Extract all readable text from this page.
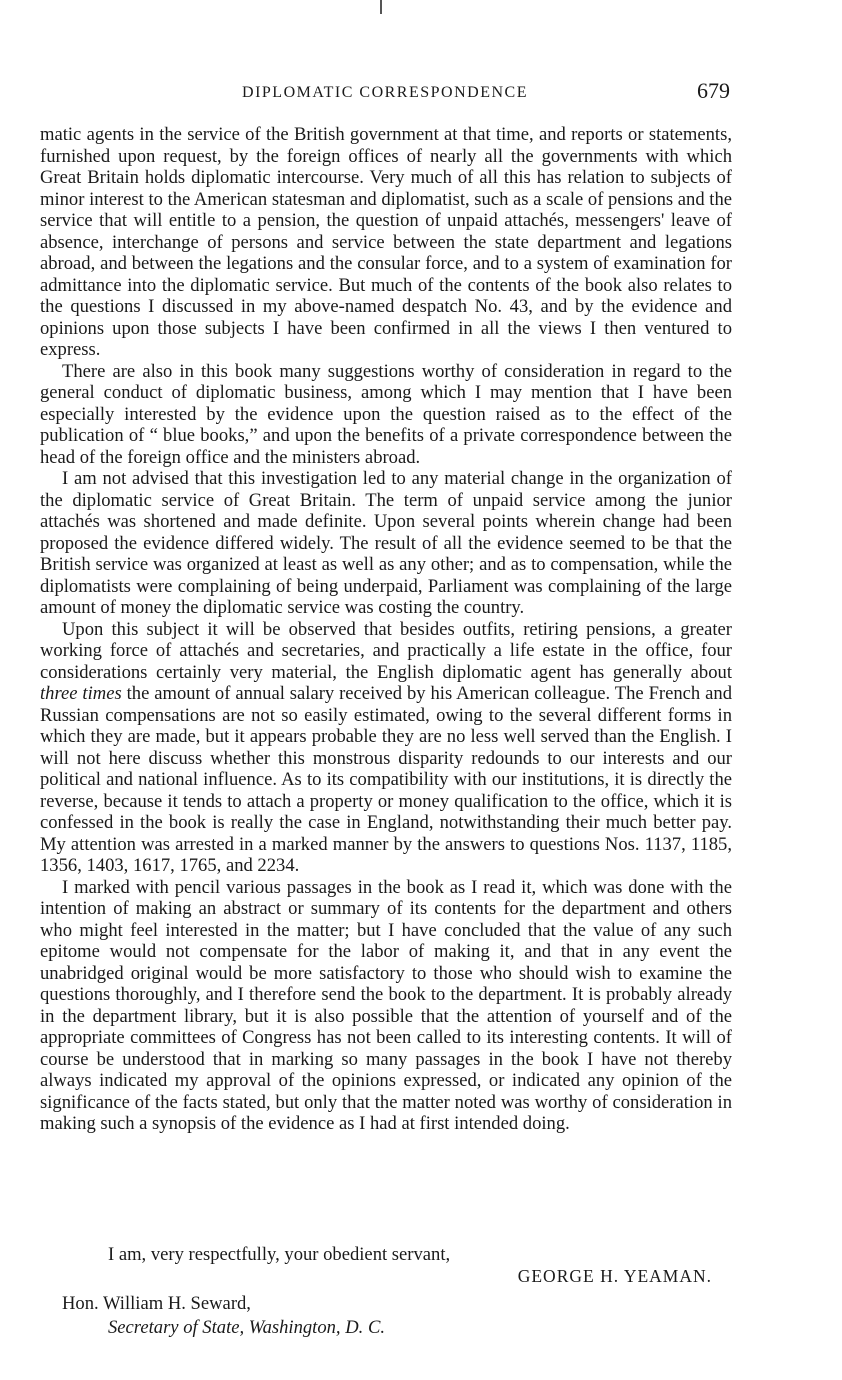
DIPLOMATIC CORRESPONDENCE	679

matic agents in the service of the British government at that time, and reports or statements, furnished upon request, by the foreign offices of nearly all the governments with which Great Britain holds diplomatic intercourse. Very much of all this has relation to subjects of minor interest to the American statesman and diplomatist, such as a scale of pensions and the service that will entitle to a pension, the question of unpaid attachés, messengers' leave of absence, interchange of persons and service between the state department and legations abroad, and between the legations and the consular force, and to a system of examination for admittance into the diplomatic service. But much of the contents of the book also relates to the questions I discussed in my above-named despatch No. 43, and by the evidence and opinions upon those subjects I have been confirmed in all the views I then ventured to express.

There are also in this book many suggestions worthy of consideration in regard to the general conduct of diplomatic business, among which I may mention that I have been especially interested by the evidence upon the question raised as to the effect of the publication of “ blue books,” and upon the benefits of a private correspondence between the head of the foreign office and the ministers abroad.

I am not advised that this investigation led to any material change in the organization of the diplomatic service of Great Britain. The term of unpaid service among the junior attachés was shortened and made definite. Upon several points wherein change had been proposed the evidence differed widely. The result of all the evidence seemed to be that the British service was organized at least as well as any other; and as to compensation, while the diplomatists were complaining of being underpaid, Parliament was complaining of the large amount of money the diplomatic service was costing the country.

Upon this subject it will be observed that besides outfits, retiring pensions, a greater working force of attachés and secretaries, and practically a life estate in the office, four considerations certainly very material, the English diplomatic agent has generally about three times the amount of annual salary received by his American colleague. The French and Russian compensations are not so easily estimated, owing to the several different forms in which they are made, but it appears probable they are no less well served than the English. I will not here discuss whether this monstrous disparity redounds to our interests and our political and national influence. As to its compatibility with our institutions, it is directly the reverse, because it tends to attach a property or money qualification to the office, which it is confessed in the book is really the case in England, notwithstanding their much better pay. My attention was arrested in a marked manner by the answers to questions Nos. 1137, 1185, 1356, 1403, 1617, 1765, and 2234.

I marked with pencil various passages in the book as I read it, which was done with the intention of making an abstract or summary of its contents for the department and others who might feel interested in the matter; but I have concluded that the value of any such epitome would not compensate for the labor of making it, and that in any event the unabridged original would be more satisfactory to those who should wish to examine the questions thoroughly, and I therefore send the book to the department. It is probably already in the department library, but it is also possible that the attention of yourself and of the appropriate committees of Congress has not been called to its interesting contents. It will of course be understood that in marking so many passages in the book I have not thereby always indicated my approval of the opinions expressed, or indicated any opinion of the significance of the facts stated, but only that the matter noted was worthy of consideration in making such a synopsis of the evidence as I had at first intended doing.

I am, very respectfully, your obedient servant,

GEORGE H. YEAMAN.

Hon. William H. Seward,

Secretary of State, Washington, D. C.
